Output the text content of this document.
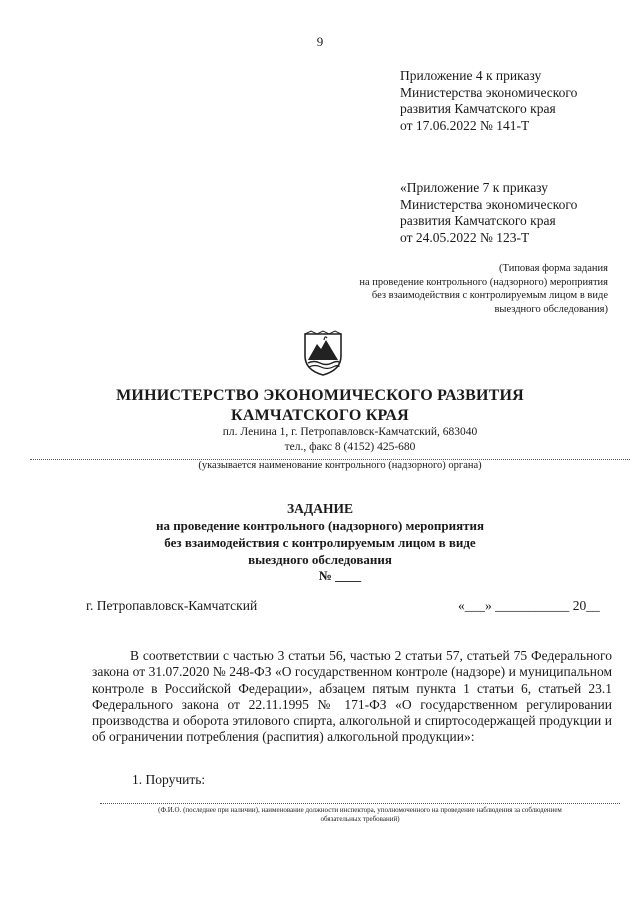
9
Приложение 4 к приказу
Министерства экономического
развития Камчатского края
от 17.06.2022 № 141-Т
«Приложение 7 к приказу
Министерства экономического
развития Камчатского края
от 24.05.2022 № 123-Т
(Типовая форма задания
на проведение контрольного (надзорного) мероприятия
без взаимодействия с контролируемым лицом в виде
выездного обследования)
МИНИСТЕРСТВО ЭКОНОМИЧЕСКОГО РАЗВИТИЯ
КАМЧАТСКОГО КРАЯ
пл. Ленина 1, г. Петропавловск-Камчатский, 683040
тел., факс 8 (4152) 425-680
(указывается наименование контрольного (надзорного) органа)
ЗАДАНИЕ
на проведение контрольного (надзорного) мероприятия
без взаимодействия с контролируемым лицом в виде
выездного обследования
№ ____
г. Петропавловск-Камчатский	«___» ___________ 20__

В соответствии с частью 3 статьи 56, частью 2 статьи 57, статьей 75 Федерального закона от 31.07.2020 № 248-ФЗ «О государственном контроле (надзоре) и муниципальном контроле в Российской Федерации», абзацем пятым пункта 1 статьи 6, статьей 23.1 Федерального закона от 22.11.1995 № 171-ФЗ «О государственном регулировании производства и оборота этилового спирта, алкогольной и спиртосодержащей продукции и об ограничении потребления (распития) алкогольной продукции»:

1. Поручить:
(Ф.И.О. (последнее при наличии), наименование должности инспектора, уполномоченного на проведение наблюдения за соблюдением
обязательных требований)
